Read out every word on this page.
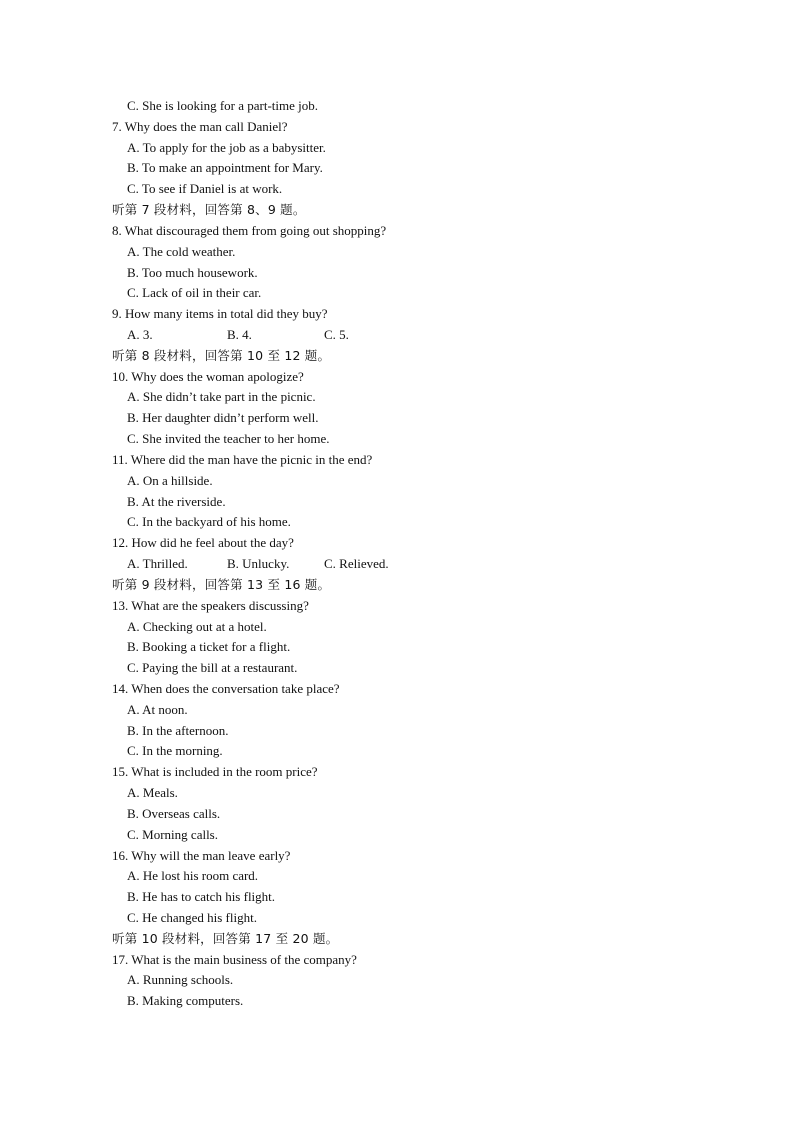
C. She is looking for a part-time job.
7. Why does the man call Daniel?
A. To apply for the job as a babysitter.
B. To make an appointment for Mary.
C. To see if Daniel is at work.
听第 7 段材料，回答第 8、9 题。
8. What discouraged them from going out shopping?
A. The cold weather.
B. Too much housework.
C. Lack of oil in their car.
9. How many items in total did they buy?
A. 3.	B. 4.	C. 5.
听第 8 段材料，回答第 10 至 12 题。
10. Why does the woman apologize?
A. She didn’t take part in the picnic.
B. Her daughter didn’t perform well.
C. She invited the teacher to her home.
11. Where did the man have the picnic in the end?
A. On a hillside.
B. At the riverside.
C. In the backyard of his home.
12. How did he feel about the day?
A. Thrilled.	B. Unlucky.	C. Relieved.
听第 9 段材料，回答第 13 至 16 题。
13. What are the speakers discussing?
A. Checking out at a hotel.
B. Booking a ticket for a flight.
C. Paying the bill at a restaurant.
14. When does the conversation take place?
A. At noon.
B. In the afternoon.
C. In the morning.
15. What is included in the room price?
A. Meals.
B. Overseas calls.
C. Morning calls.
16. Why will the man leave early?
A. He lost his room card.
B. He has to catch his flight.
C. He changed his flight.
听第 10 段材料，回答第 17 至 20 题。
17. What is the main business of the company?
A. Running schools.
B. Making computers.
